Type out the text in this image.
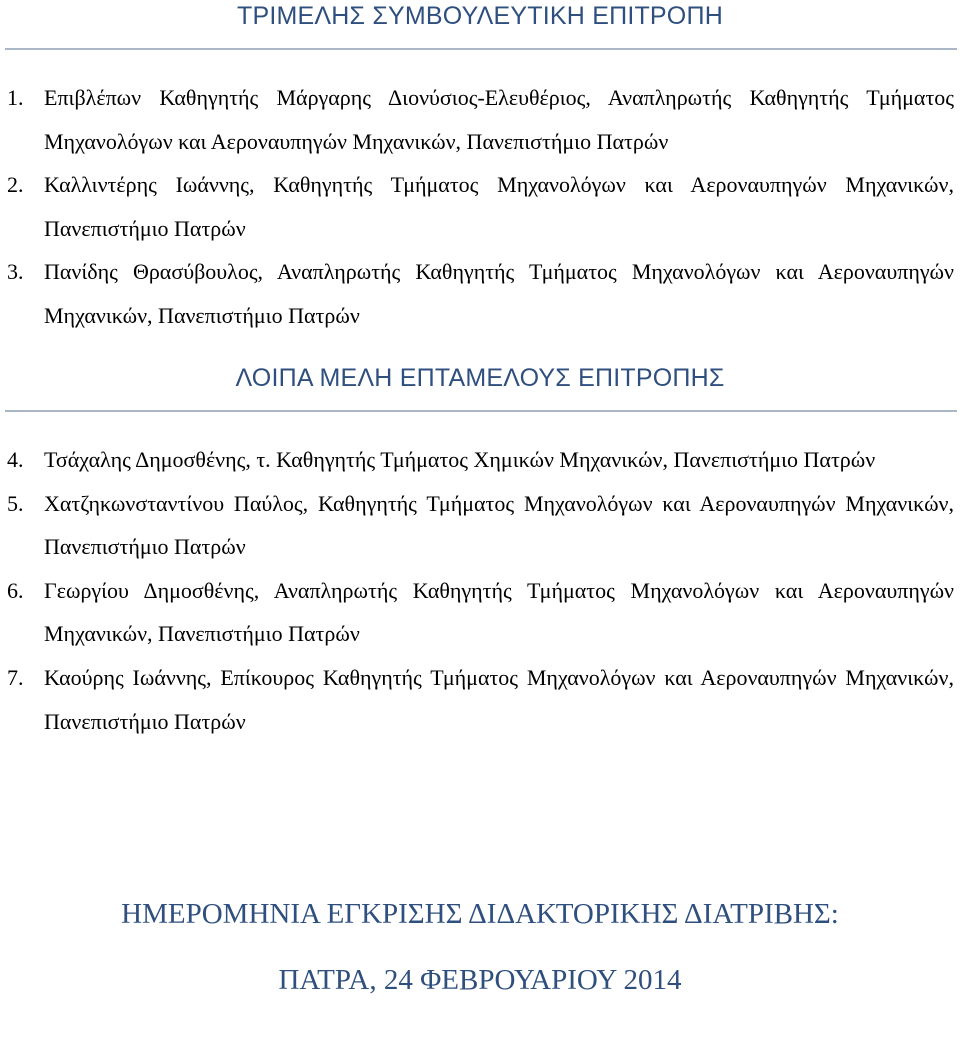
ΤΡΙΜΕΛΗΣ ΣΥΜΒΟΥΛΕΥΤΙΚΗ ΕΠΙΤΡΟΠΗ
1. Επιβλέπων Καθηγητής Μάργαρης Διονύσιος-Ελευθέριος, Αναπληρωτής Καθηγητής Τμήματος Μηχανολόγων και Αεροναυπηγών Μηχανικών, Πανεπιστήμιο Πατρών
2. Καλλιντέρης Ιωάννης, Καθηγητής Τμήματος Μηχανολόγων και Αεροναυπηγών Μηχανικών, Πανεπιστήμιο Πατρών
3. Πανίδης Θρασύβουλος, Αναπληρωτής Καθηγητής Τμήματος Μηχανολόγων και Αεροναυπηγών Μηχανικών, Πανεπιστήμιο Πατρών
ΛΟΙΠΑ ΜΕΛΗ ΕΠΤΑΜΕΛΟΥΣ ΕΠΙΤΡΟΠΗΣ
4. Τσάχαλης Δημοσθένης, τ. Καθηγητής Τμήματος Χημικών Μηχανικών, Πανεπιστήμιο Πατρών
5. Χατζηκωνσταντίνου Παύλος, Καθηγητής Τμήματος Μηχανολόγων και Αεροναυπηγών Μηχανικών, Πανεπιστήμιο Πατρών
6. Γεωργίου Δημοσθένης, Αναπληρωτής Καθηγητής Τμήματος Μηχανολόγων και Αεροναυπηγών Μηχανικών, Πανεπιστήμιο Πατρών
7. Καούρης Ιωάννης, Επίκουρος Καθηγητής Τμήματος Μηχανολόγων και Αεροναυπηγών Μηχανικών, Πανεπιστήμιο Πατρών
ΗΜΕΡΟΜΗΝΙΑ ΕΓΚΡΙΣΗΣ ΔΙΔΑΚΤΟΡΙΚΗΣ ΔΙΑΤΡΙΒΗΣ:
ΠΑΤΡΑ, 24 ΦΕΒΡΟΥΑΡΙΟΥ 2014
